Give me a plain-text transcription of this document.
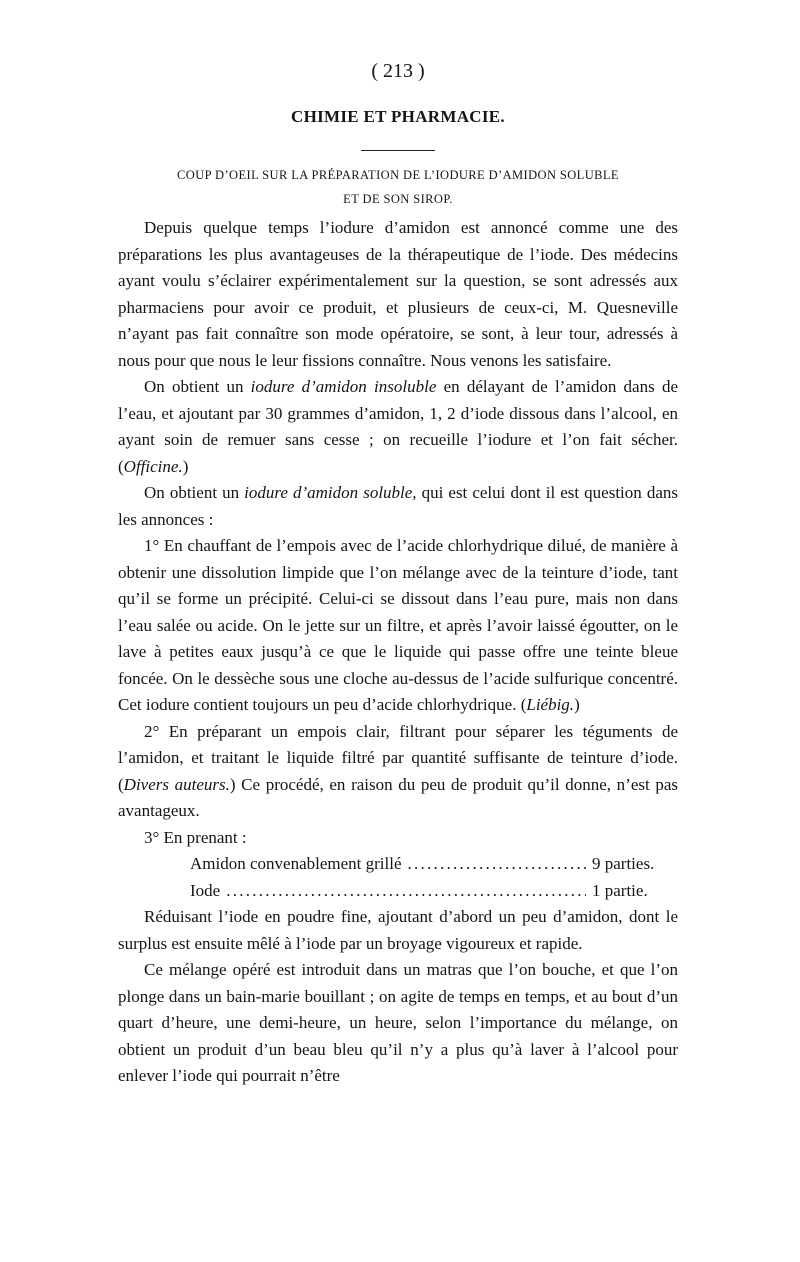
( 213 )
CHIMIE ET PHARMACIE.
COUP D’OEIL SUR LA PRÉPARATION DE L’IODURE D’AMIDON SOLUBLE
ET DE SON SIROP.

Depuis quelque temps l’iodure d’amidon est annoncé comme une des préparations les plus avantageuses de la thérapeutique de l’iode. Des médecins ayant voulu s’éclairer expérimentalement sur la question, se sont adressés aux pharmaciens pour avoir ce produit, et plusieurs de ceux-ci, M. Quesneville n’ayant pas fait connaître son mode opératoire, se sont, à leur tour, adressés à nous pour que nous le leur fissions connaître. Nous venons les satisfaire.

On obtient un iodure d’amidon insoluble en délayant de l’amidon dans de l’eau, et ajoutant par 30 grammes d’amidon, 1, 2 d’iode dissous dans l’alcool, en ayant soin de remuer sans cesse ; on recueille l’iodure et l’on fait sécher. (Officine.)

On obtient un iodure d’amidon soluble, qui est celui dont il est question dans les annonces :

1° En chauffant de l’empois avec de l’acide chlorhydrique dilué, de manière à obtenir une dissolution limpide que l’on mélange avec de la teinture d’iode, tant qu’il se forme un précipité. Celui-ci se dissout dans l’eau pure, mais non dans l’eau salée ou acide. On le jette sur un filtre, et après l’avoir laissé égoutter, on le lave à petites eaux jusqu’à ce que le liquide qui passe offre une teinte bleue foncée. On le dessèche sous une cloche au-dessus de l’acide sulfurique concentré. Cet iodure contient toujours un peu d’acide chlorhydrique. (Liébig.)

2° En préparant un empois clair, filtrant pour séparer les téguments de l’amidon, et traitant le liquide filtré par quantité suffisante de teinture d’iode. (Divers auteurs.) Ce procédé, en raison du peu de produit qu’il donne, n’est pas avantageux.

3° En prenant :

Amidon convenablement grillé . . .	9 parties.
Iode . . .	1 partie.

Réduisant l’iode en poudre fine, ajoutant d’abord un peu d’amidon, dont le surplus est ensuite mêlé à l’iode par un broyage vigoureux et rapide.

Ce mélange opéré est introduit dans un matras que l’on bouche, et que l’on plonge dans un bain-marie bouillant ; on agite de temps en temps, et au bout d’un quart d’heure, une demi-heure, un heure, selon l’importance du mélange, on obtient un produit d’un beau bleu qu’il n’y a plus qu’à laver à l’alcool pour enlever l’iode qui pourrait n’être
